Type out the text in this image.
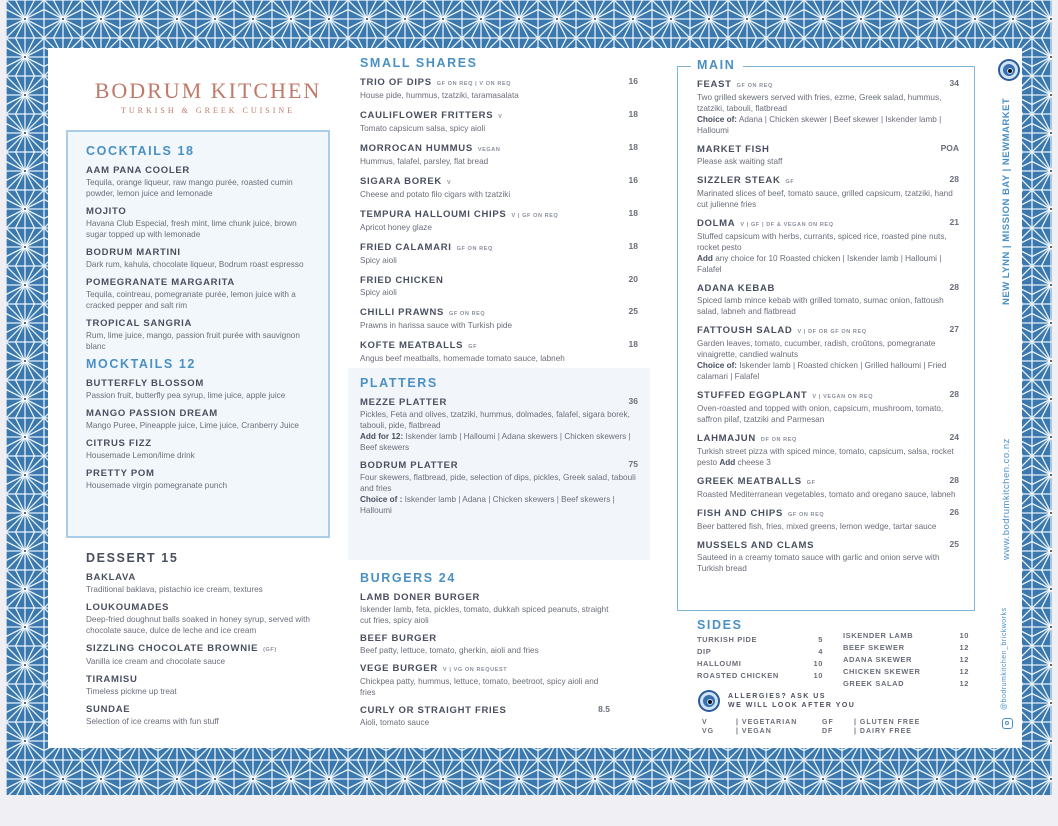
BODRUM KITCHEN
TURKISH & GREEK CUISINE
COCKTAILS 18
AAM PANA COOLER
Tequila, orange liqueur, raw mango purée, roasted cumin powder, lemon juice and lemonade
MOJITO
Havana Club Especial, fresh mint, lime chunk juice, brown sugar topped up with lemonade
BODRUM MARTINI
Dark rum, kahula, chocolate liqueur, Bodrum roast espresso
POMEGRANATE MARGARITA
Tequila, cointreau, pomegranate purée, lemon juice with a cracked pepper and salt rim
TROPICAL SANGRIA
Rum, lime juice, mango, passion fruit purée with sauvignon blanc
MOCKTAILS 12
BUTTERFLY BLOSSOM
Passion fruit, butterfly pea syrup, lime juice, apple juice
MANGO PASSION DREAM
Mango Puree, Pineapple juice, Lime juice, Cranberry Juice
CITRUS FIZZ
Housemade Lemon/lime drink
PRETTY POM
Housemade virgin pomegranate punch
DESSERT 15
BAKLAVA
Traditional baklava, pistachio ice cream, textures
LOUKOUMADES
Deep-fried doughnut balls soaked in honey syrup, served with chocolate sauce, dulce de leche and ice cream
SIZZLING CHOCOLATE BROWNIE (GF)
Vanilla ice cream and chocolate sauce
TIRAMISU
Timeless pickme up treat
SUNDAE
Selection of ice creams with fun stuff
SMALL SHARES
TRIO OF DIPS GF ON REQ | V ON REQ	16
House pide, hummus, tzatziki, taramasalata
CAULIFLOWER FRITTERS V	18
Tomato capsicum salsa, spicy aioli
MORROCAN HUMMUS VEGAN	18
Hummus, falafel, parsley, flat bread
SIGARA BOREK V	16
Cheese and potato filo cigars with tzatziki
TEMPURA HALLOUMI CHIPS V | GF ON REQ	18
Apricot honey glaze
FRIED CALAMARI GF ON REQ	18
Spicy aioli
FRIED CHICKEN	20
Spicy aioli
CHILLI PRAWNS GF ON REQ	25
Prawns in harissa sauce with Turkish pide
KOFTE MEATBALLS GF	18
Angus beef meatballs, homemade tomato sauce, labneh
PLATTERS
MEZZE PLATTER	36
Pickles, Feta and olives, tzatziki, hummus, dolmades, falafel, sigara borek, tabouli, pide, flatbread
Add for 12: Iskender lamb | Halloumi | Adana skewers | Chicken skewers | Beef skewers
BODRUM PLATTER	75
Four skewers, flatbread, pide, selection of dips, pickles, Greek salad, tabouli and fries
Choice of : Iskender lamb | Adana | Chicken skewers | Beef skewers | Halloumi
BURGERS 24
LAMB DONER BURGER
Iskender lamb, feta, pickles, tomato, dukkah spiced peanuts, straight cut fries, spicy aioli
BEEF BURGER
Beef patty, lettuce, tomato, gherkin, aioli and fries
VEGE BURGER V | VG ON REQUEST
Chickpea patty, hummus, lettuce, tomato, beetroot, spicy aioli and fries
CURLY OR STRAIGHT FRIES	8.5
Aioli, tomato sauce
MAIN
FEAST GF ON REQ	34
Two grilled skewers served with fries, ezme, Greek salad, hummus, tzatziki, tabouli, flatbread
Choice of: Adana | Chicken skewer | Beef skewer | Iskender lamb | Halloumi
MARKET FISH	POA
Please ask waiting staff
SIZZLER STEAK GF	28
Marinated slices of beef, tomato sauce, grilled capsicum, tzatziki, hand cut julienne fries
DOLMA V | GF | DF & VEGAN ON REQ	21
Stuffed capsicum with herbs, currants, spiced rice, roasted pine nuts, rocket pesto
Add any choice for 10 Roasted chicken | Iskender lamb | Halloumi | Falafel
ADANA KEBAB	28
Spiced lamb mince kebab with grilled tomato, sumac onion, fattoush salad, labneh and flatbread
FATTOUSH SALAD V | DF OR GF ON REQ	27
Garden leaves, tomato, cucumber, radish, croûtons, pomegranate vinaigrette, candied walnuts
Choice of: Iskender lamb | Roasted chicken | Grilled halloumi | Fried calamari | Falafel
STUFFED EGGPLANT V | VEGAN ON REQ	28
Oven-roasted and topped with onion, capsicum, mushroom, tomato, saffron pilaf, tzatziki and Parmesan
LAHMAJUN DF ON REQ	24
Turkish street pizza with spiced mince, tomato, capsicum, salsa, rocket pesto Add cheese 3
GREEK MEATBALLS GF	28
Roasted Mediterranean vegetables, tomato and oregano sauce, labneh
FISH AND CHIPS GF ON REQ	26
Beer battered fish, fries, mixed greens, lemon wedge, tartar sauce
MUSSELS AND CLAMS	25
Sauteed in a creamy tomato sauce with garlic and onion serve with Turkish bread
SIDES
TURKISH PIDE	5
DIP	4
HALLOUMI	10
ROASTED CHICKEN	10
ISKENDER LAMB	10
BEEF SKEWER	12
ADANA SKEWER	12
CHICKEN SKEWER	12
GREEK SALAD	12
ALLERGIES? ASK US
WE WILL LOOK AFTER YOU
V	| VEGETARIAN	GF	| GLUTEN FREE
VG	| VEGAN	DF	| DAIRY FREE
NEW LYNN | MISSION BAY | NEWMARKET
www.bodrumkitchen.co.nz
@bodrumkitchen_brickworks
